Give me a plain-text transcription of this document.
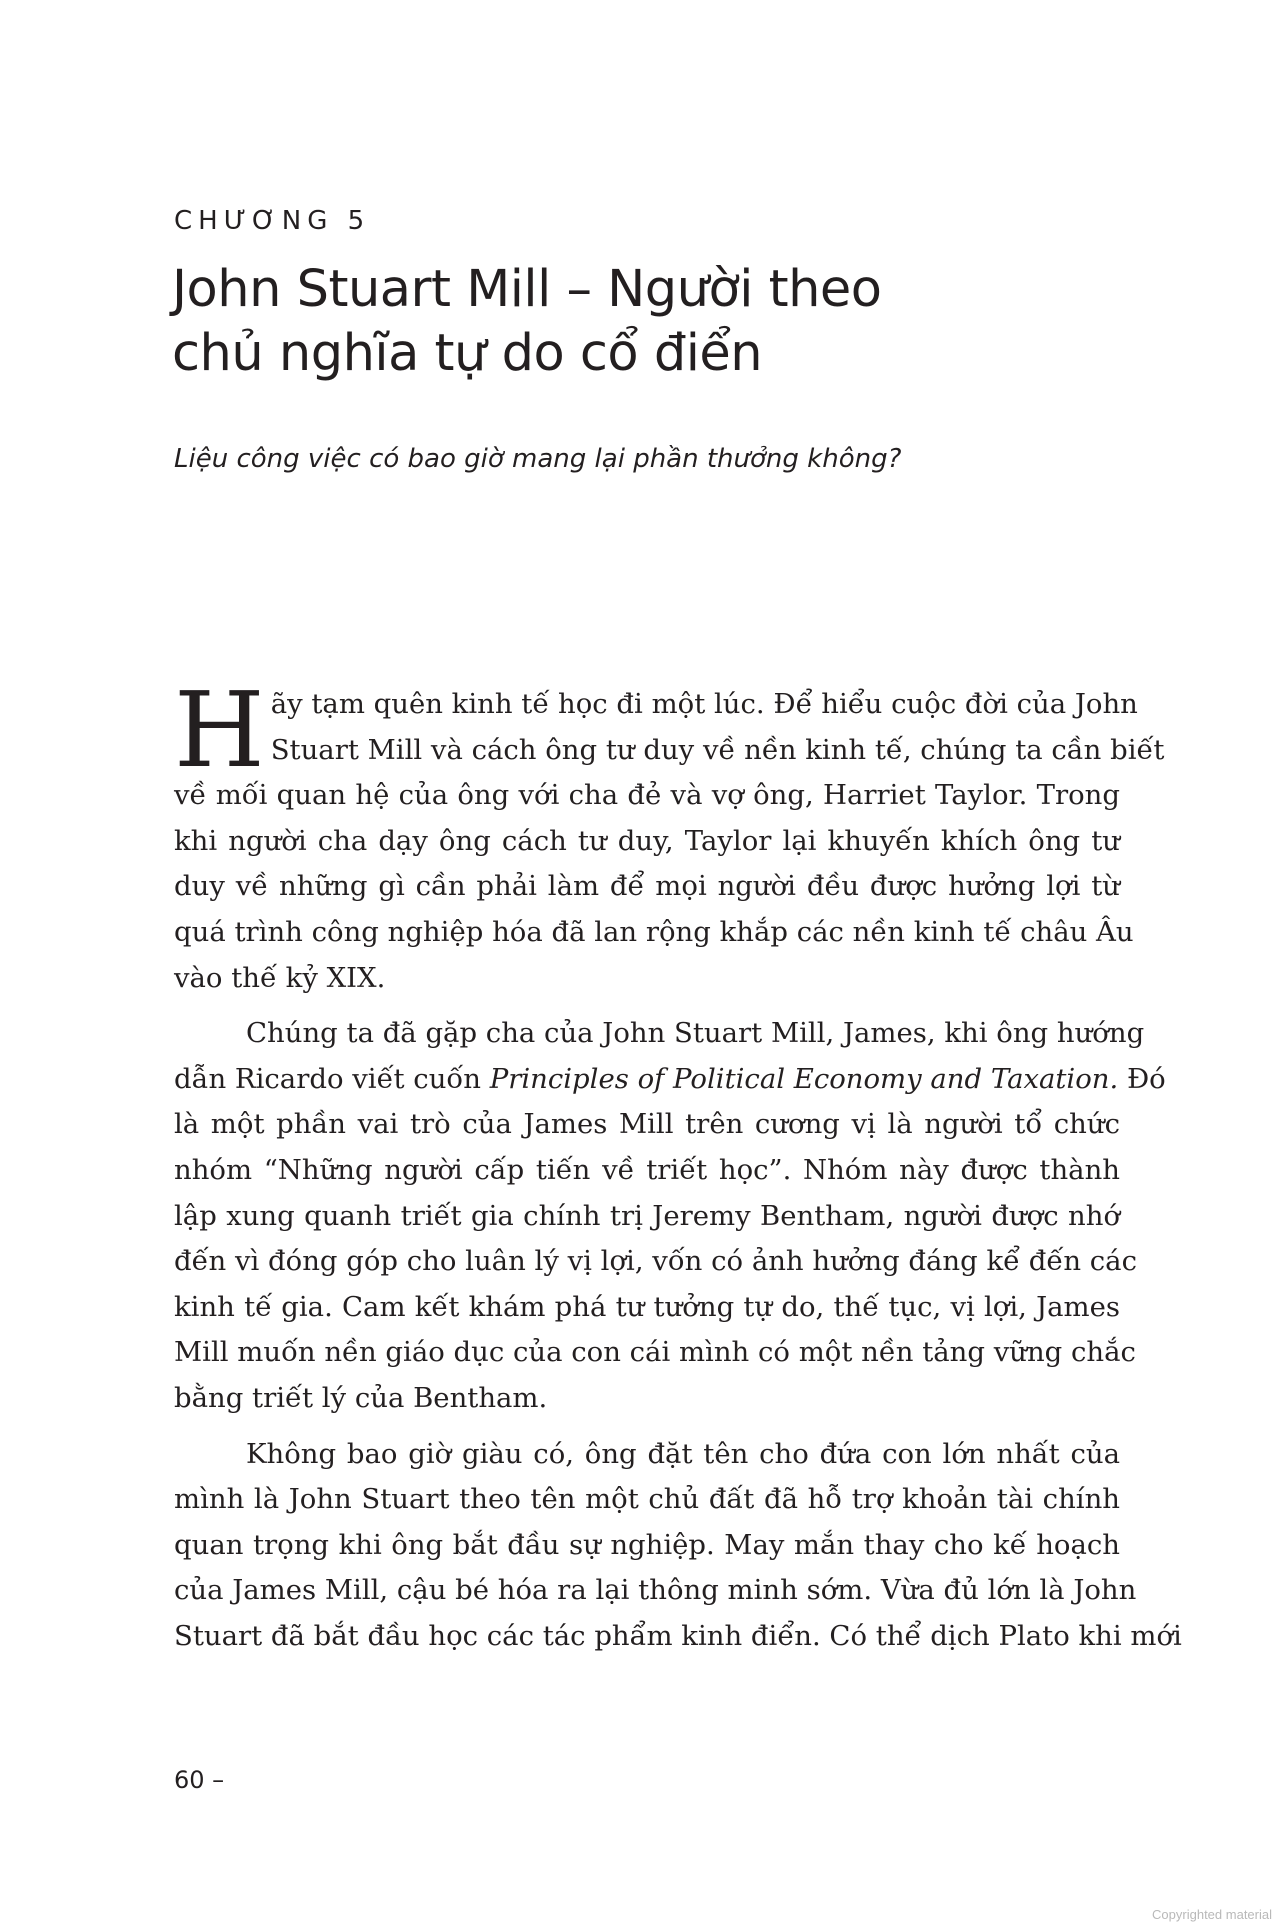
CHƯƠNG 5
John Stuart Mill – Người theo
chủ nghĩa tự do cổ điển
Liệu công việc có bao giờ mang lại phần thưởng không?
H ãy tạm quên kinh tế học đi một lúc. Để hiểu cuộc đời của John
Stuart Mill và cách ông tư duy về nền kinh tế, chúng ta cần biết
về mối quan hệ của ông với cha đẻ và vợ ông, Harriet Taylor. Trong
khi người cha dạy ông cách tư duy, Taylor lại khuyến khích ông tư
duy về những gì cần phải làm để mọi người đều được hưởng lợi từ
quá trình công nghiệp hóa đã lan rộng khắp các nền kinh tế châu Âu
vào thế kỷ XIX.
Chúng ta đã gặp cha của John Stuart Mill, James, khi ông hướng
dẫn Ricardo viết cuốn Principles of Political Economy and Taxation. Đó
là một phần vai trò của James Mill trên cương vị là người tổ chức
nhóm “Những người cấp tiến về triết học”. Nhóm này được thành
lập xung quanh triết gia chính trị Jeremy Bentham, người được nhớ
đến vì đóng góp cho luân lý vị lợi, vốn có ảnh hưởng đáng kể đến các
kinh tế gia. Cam kết khám phá tư tưởng tự do, thế tục, vị lợi, James
Mill muốn nền giáo dục của con cái mình có một nền tảng vững chắc
bằng triết lý của Bentham.
Không bao giờ giàu có, ông đặt tên cho đứa con lớn nhất của
mình là John Stuart theo tên một chủ đất đã hỗ trợ khoản tài chính
quan trọng khi ông bắt đầu sự nghiệp. May mắn thay cho kế hoạch
của James Mill, cậu bé hóa ra lại thông minh sớm. Vừa đủ lớn là John
Stuart đã bắt đầu học các tác phẩm kinh điển. Có thể dịch Plato khi mới
60 –
Copyrighted material
